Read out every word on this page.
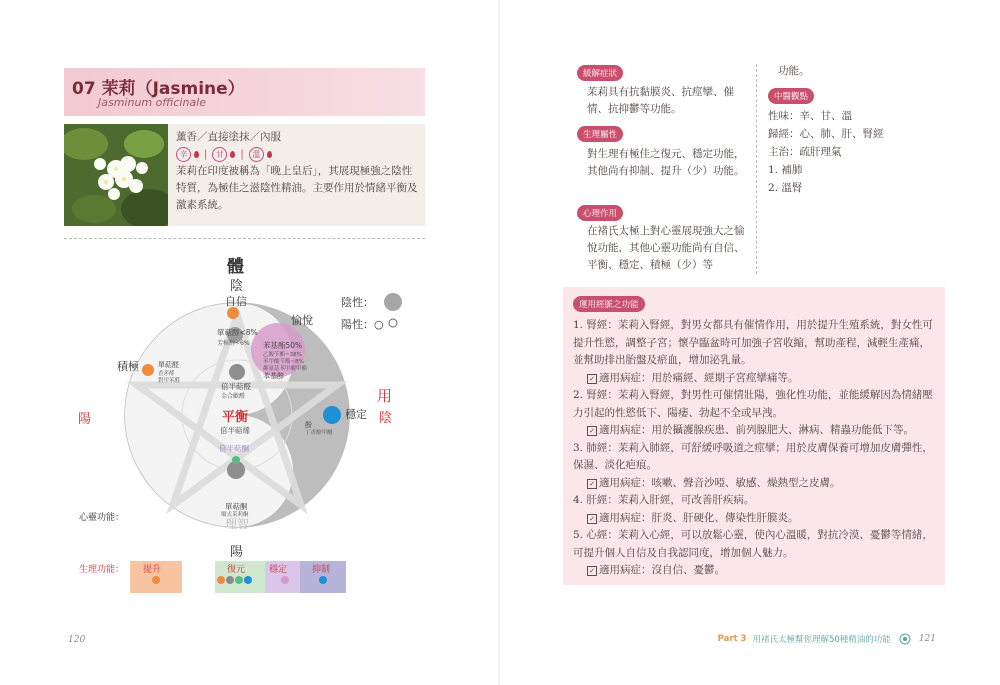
07 茉莉（Jasmine）
Jasminum officinale
薰香／直接塗抹／內服
辛	|	甘	|	溫
茉莉在印度被稱為「晚上皇后」，其展現極強之陰性特質，為極佳之滋陰性精油。主要作用於情緒平衡及激素系統。
體
陰
自信
愉悅
積極
穩定
陰性：
陽性：○
陽
用
陰
平衡
理智
陽
單萜醇<8%
芳樟醇~6% 苯基酯50%
乙酸苄酯~38%
苯甲酸苄酯~8%
鄰氨基苯甲酸甲酯
苯基醇
單萜醛
香茅醛
對甲苯醛
倍半萜醛
金合歡醛
倍半萜烯
酚
丁香酚甲醚
倍半萜酮
單萜酮
順式茉莉酮
心靈功能：
生理功能： 提升	復元	穩定	抑制
120
緩解症狀
茉莉具有抗黏膜炎、抗痙攣、催情、抗抑鬱等功能。
生理屬性
對生理有極佳之復元、穩定功能，其他尚有抑制、提升（少）功能。
心理作用
在褚氏太極上對心靈展現強大之愉悅功能，其他心靈功能尚有自信、平衡、穩定、積極（少）等
功能。
中醫觀點
性味：辛、甘、溫
歸經：心、肺、肝、腎經
主治：疏肝理氣
1. 補肺
2. 溫腎
運用經脈之功能
1. 腎經：茉莉入腎經，對男女都具有催情作用，用於提升生殖系統，對女性可提升性慾，調整子宮；懷孕臨盆時可加強子宮收縮，幫助產程，減輕生產痛，並幫助排出胎盤及瘀血，增加泌乳量。
✓ 適用病症：用於痛經、經期子宮痙攣痛等。
2. 腎經：茉莉入腎經，對男性可催情壯陽，強化性功能，並能緩解因為情緒壓力引起的性慾低下、陽痿、勃起不全或早洩。
✓ 適用病症：用於攝護腺疾患、前列腺肥大、淋病、精蟲功能低下等。
3. 肺經：茉莉入肺經，可舒緩呼吸道之痙攣；用於皮膚保養可增加皮膚彈性，保濕、淡化疤痕。
✓ 適用病症：咳嗽、聲音沙啞、敏感、燥熱型之皮膚。
4. 肝經：茉莉入肝經，可改善肝疾病。
✓ 適用病症：肝炎、肝硬化、傳染性肝膜炎。
5. 心經：茉莉入心經，可以放鬆心靈，使內心溫暖，對抗冷漠、憂鬱等情緒，可提升個人自信及自我認同度，增加個人魅力。
✓ 適用病症：沒自信、憂鬱。
Part 3 用褚氏太極幫你理解50種精油的功能	121
